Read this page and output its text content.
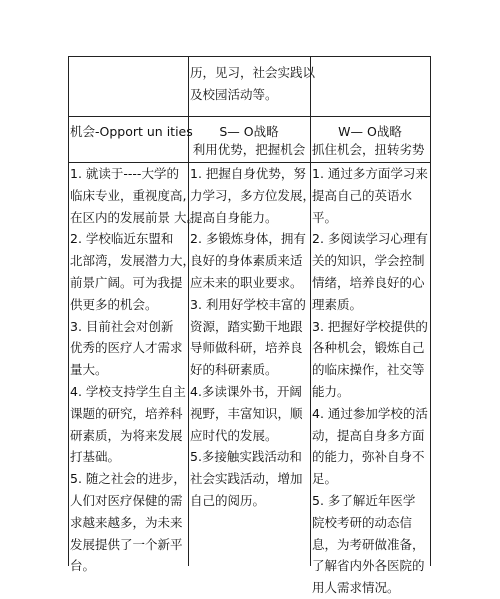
历，见习，社会实践以
及校园活动等。
机会-Opport un ities	S— O战略
利用优势，把握机会
W— O战略
抓住机会，扭转劣势
1. 就读于----大学的
临床专业，重视度高,
在区内的发展前景 大。
2. 学校临近东盟和
北部湾，发展潜力大，
前景广阔。可为我提
供更多的机会。
3. 目前社会对创新
优秀的医疗人才需求
量大。
4. 学校支持学生自主
课题的研究，培养科
研素质，为将来发展
打基础。
5. 随之社会的进步，
人们对医疗保健的需
求越来越多，为未来
发展提供了一个新平
台。
1. 把握自身优势，努
力学习，多方位发展，
提高自身能力。
2. 多锻炼身体，拥有
良好的身体素质来适
应未来的职业要求。
3. 利用好学校丰富的
资源，踏实勤干地跟
导师做科研，培养良
好的科研素质。
4.多读课外书，开阔
视野，丰富知识，顺
应时代的发展。
5.多接触实践活动和
社会实践活动，增加
自己的阅历。
1. 通过多方面学习来
提高自己的英语水
平。
2. 多阅读学习心理有
关的知识，学会控制
情绪，培养良好的心
理素质。
3. 把握好学校提供的
各种机会，锻炼自己
的临床操作，社交等
能力。
4. 通过参加学校的活
动，提高自身多方面
的能力，弥补自身不
足。
5. 多了解近年医学
院校考研的动态信
息，为考研做准备，
了解省内外各医院的
用人需求情况。
